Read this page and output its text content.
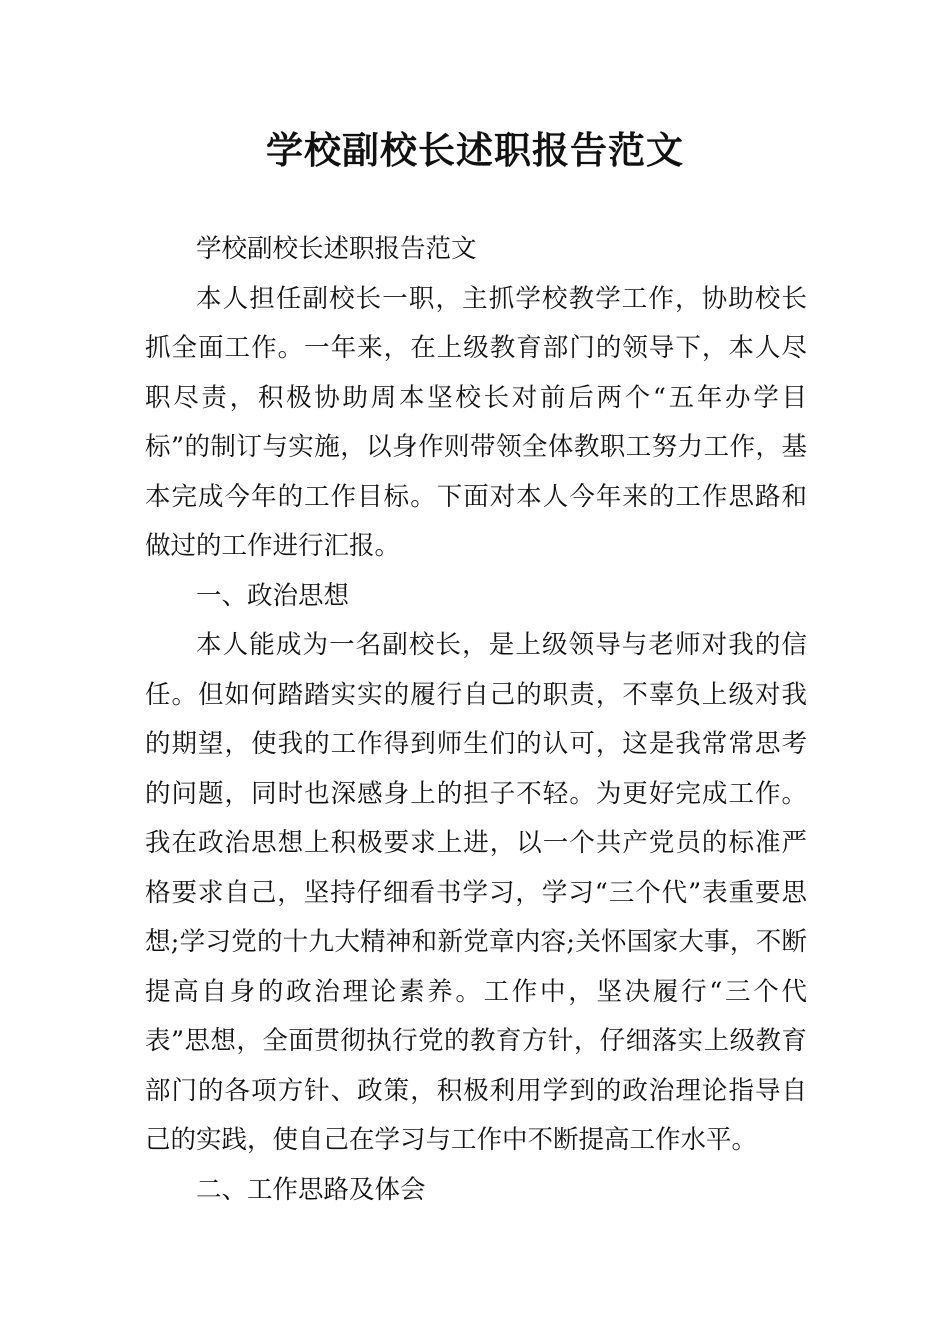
学校副校长述职报告范文

学校副校长述职报告范文

本人担任副校长一职，主抓学校教学工作，协助校长抓全面工作。一年来，在上级教育部门的领导下，本人尽职尽责，积极协助周本坚校长对前后两个“五年办学目标”的制订与实施，以身作则带领全体教职工努力工作，基本完成今年的工作目标。下面对本人今年来的工作思路和做过的工作进行汇报。

一、政治思想

本人能成为一名副校长，是上级领导与老师对我的信任。但如何踏踏实实的履行自己的职责，不辜负上级对我的期望，使我的工作得到师生们的认可，这是我常常思考的问题，同时也深感身上的担子不轻。为更好完成工作。我在政治思想上积极要求上进，以一个共产党员的标准严格要求自己，坚持仔细看书学习，学习“三个代”表重要思想;学习党的十九大精神和新党章内容;关怀国家大事，不断提高自身的政治理论素养。工作中，坚决履行“三个代表”思想，全面贯彻执行党的教育方针，仔细落实上级教育部门的各项方针、政策，积极利用学到的政治理论指导自己的实践，使自己在学习与工作中不断提高工作水平。

二、工作思路及体会
